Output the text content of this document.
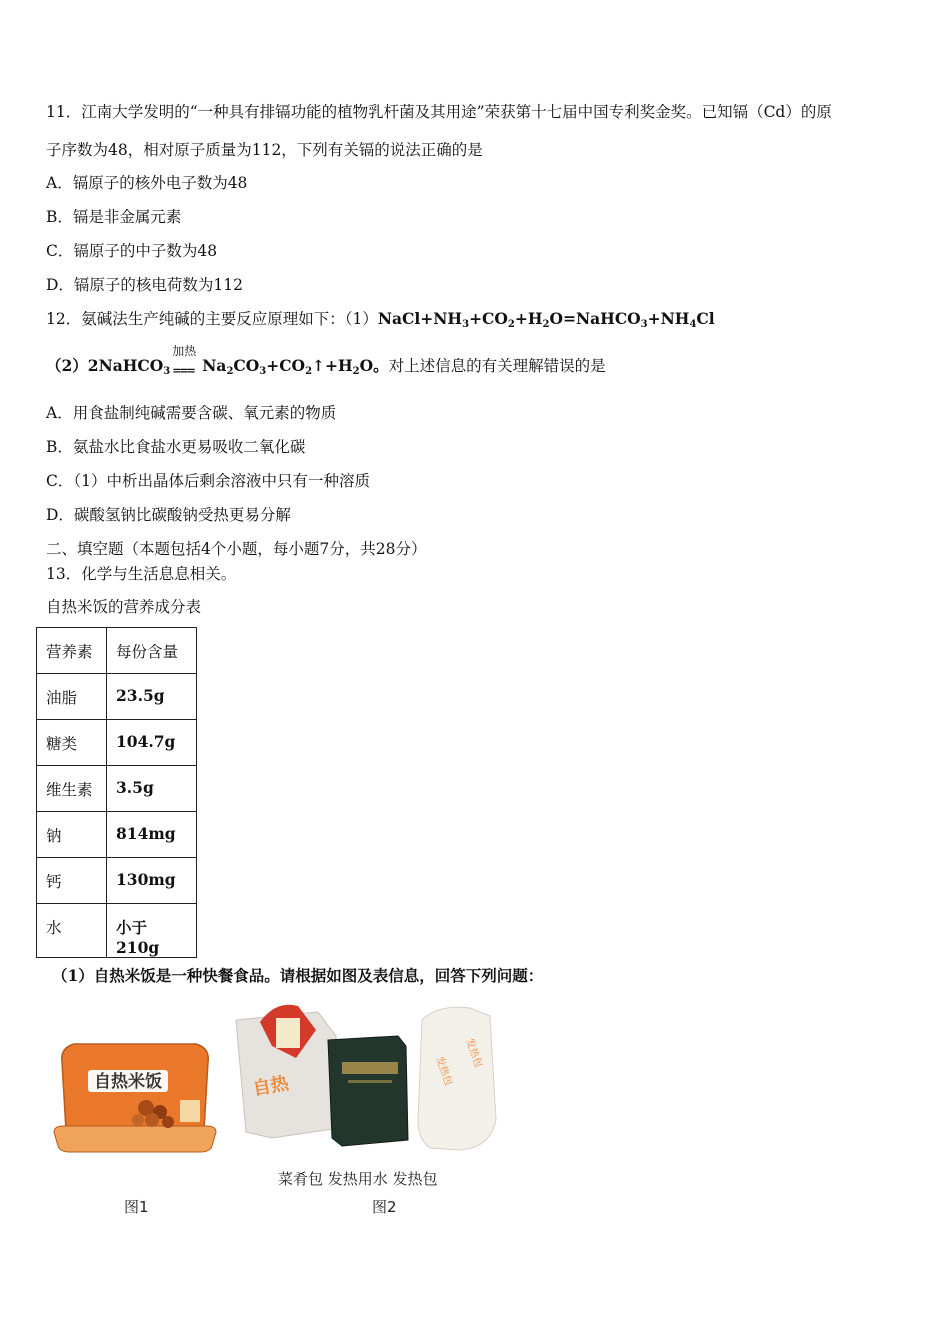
11．江南大学发明的“一种具有排镉功能的植物乳杆菌及其用途”荣获第十七届中国专利奖金奖。已知镉（Cd）的原
子序数为48，相对原子质量为112，下列有关镉的说法正确的是
A．镉原子的核外电子数为48
B．镉是非金属元素
C．镉原子的中子数为48
D．镉原子的核电荷数为112
12．氨碱法生产纯碱的主要反应原理如下：$(1)NaCl+NH_3+CO_2+H_2O=NaHCO_3+NH_4Cl$
（2）2NaHCO$_3$
加热
=== $Na_2CO_3+CO_2↑+H_2O$。对上述信息的有关理解错误的是
A．用食盐制纯碱需要含碳、氧元素的物质
B．氨盐水比食盐水更易吸收二氧化碳
C．（1）中析出晶体后剩余溶液中只有一种溶质
D．碳酸氢钠比碳酸钠受热更易分解
二、填空题（本题包括4个小题，每小题7分，共28分）
13．化学与生活息息相关。
自热米饭的营养成分表
营养素	每份含量
油脂	23.5g
糖类	104.7g
维生素	3.5g
钠	814mg
钙	130mg
水	小于210g
（1）自热米饭是一种快餐食品。请根据如图及表信息，回答下列问题：
自热米饭	自热	发热包
发热包
菜肴包 发热用水 发热包
图1	图2
